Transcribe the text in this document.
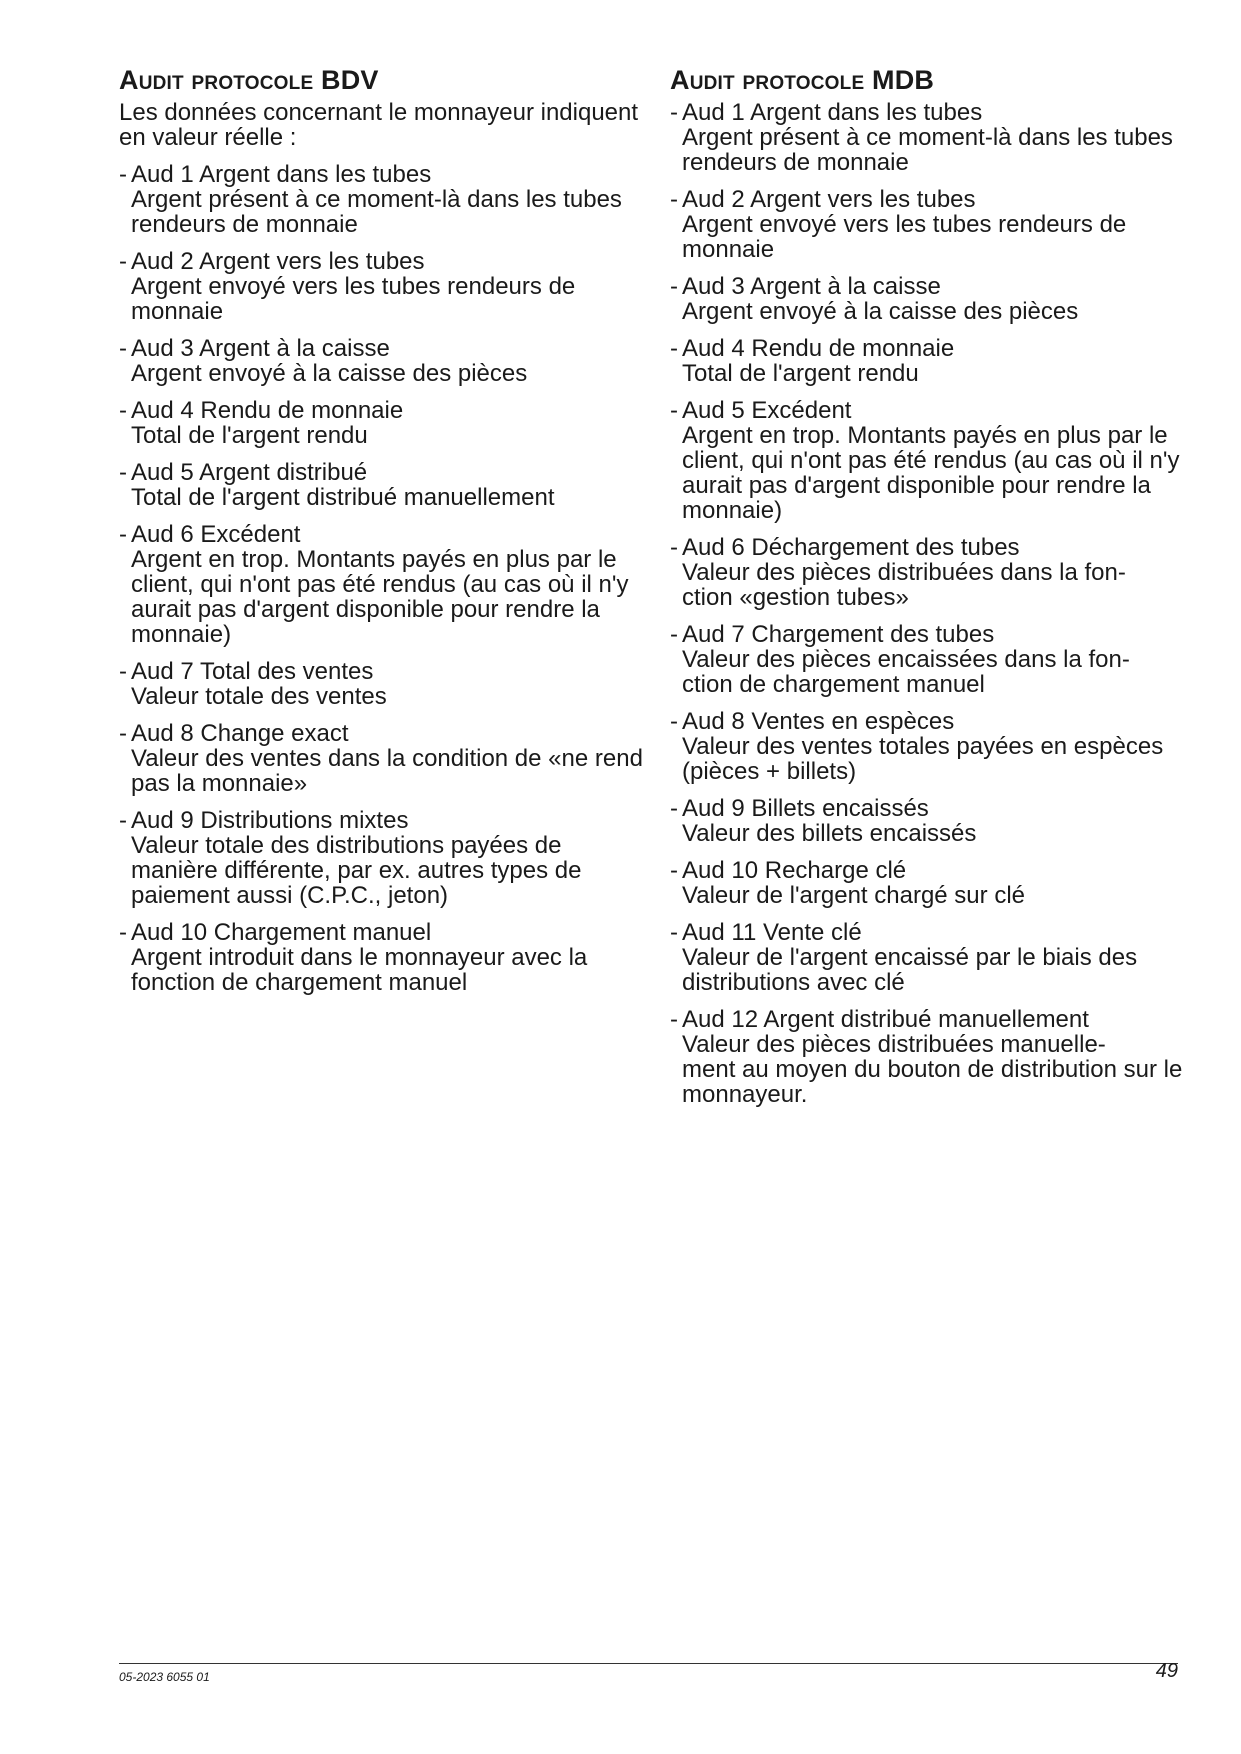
Audit protocole BDV

Les données concernant le monnayeur indiquent en valeur réelle :

- Aud 1 Argent dans les tubes
Argent présent à ce moment-là dans les tubes rendeurs de monnaie
- Aud 2 Argent vers les tubes
Argent envoyé vers les tubes rendeurs de monnaie
- Aud 3 Argent à la caisse
Argent envoyé à la caisse des pièces
- Aud 4 Rendu de monnaie
Total de l'argent rendu
- Aud 5 Argent distribué
Total de l'argent distribué manuellement
- Aud 6 Excédent
Argent en trop. Montants payés en plus par le client, qui n'ont pas été rendus (au cas où il n'y aurait pas d'argent disponible pour rendre la monnaie)
- Aud 7 Total des ventes
Valeur totale des ventes
- Aud 8 Change exact
Valeur des ventes dans la condition de «ne rend pas la monnaie»
- Aud 9 Distributions mixtes
Valeur totale des distributions payées de manière différente, par ex. autres types de paiement aussi (C.P.C., jeton)
- Aud 10 Chargement manuel
Argent introduit dans le monnayeur avec la fonction de chargement manuel
Audit protocole MDB
- Aud 1 Argent dans les tubes
Argent présent à ce moment-là dans les tubes rendeurs de monnaie
- Aud 2 Argent vers les tubes
Argent envoyé vers les tubes rendeurs de monnaie
- Aud 3 Argent à la caisse
Argent envoyé à la caisse des pièces
- Aud 4 Rendu de monnaie
Total de l'argent rendu
- Aud 5 Excédent
Argent en trop. Montants payés en plus par le client, qui n'ont pas été rendus (au cas où il n'y aurait pas d'argent disponible pour rendre la monnaie)
- Aud 6 Déchargement des tubes
Valeur des pièces distribuées dans la fon-
ction «gestion tubes»
- Aud 7 Chargement des tubes
Valeur des pièces encaissées dans la fon-
ction de chargement manuel
- Aud 8 Ventes en espèces
Valeur des ventes totales payées en espèces (pièces + billets)
- Aud 9 Billets encaissés
Valeur des billets encaissés
- Aud 10 Recharge clé
Valeur de l'argent chargé sur clé
- Aud 11 Vente clé
Valeur de l'argent encaissé par le biais des distributions avec clé
- Aud 12 Argent distribué manuellement
Valeur des pièces distribuées manuelle-
ment au moyen du bouton de distribution sur le monnayeur.
05-2023 6055 01	49
